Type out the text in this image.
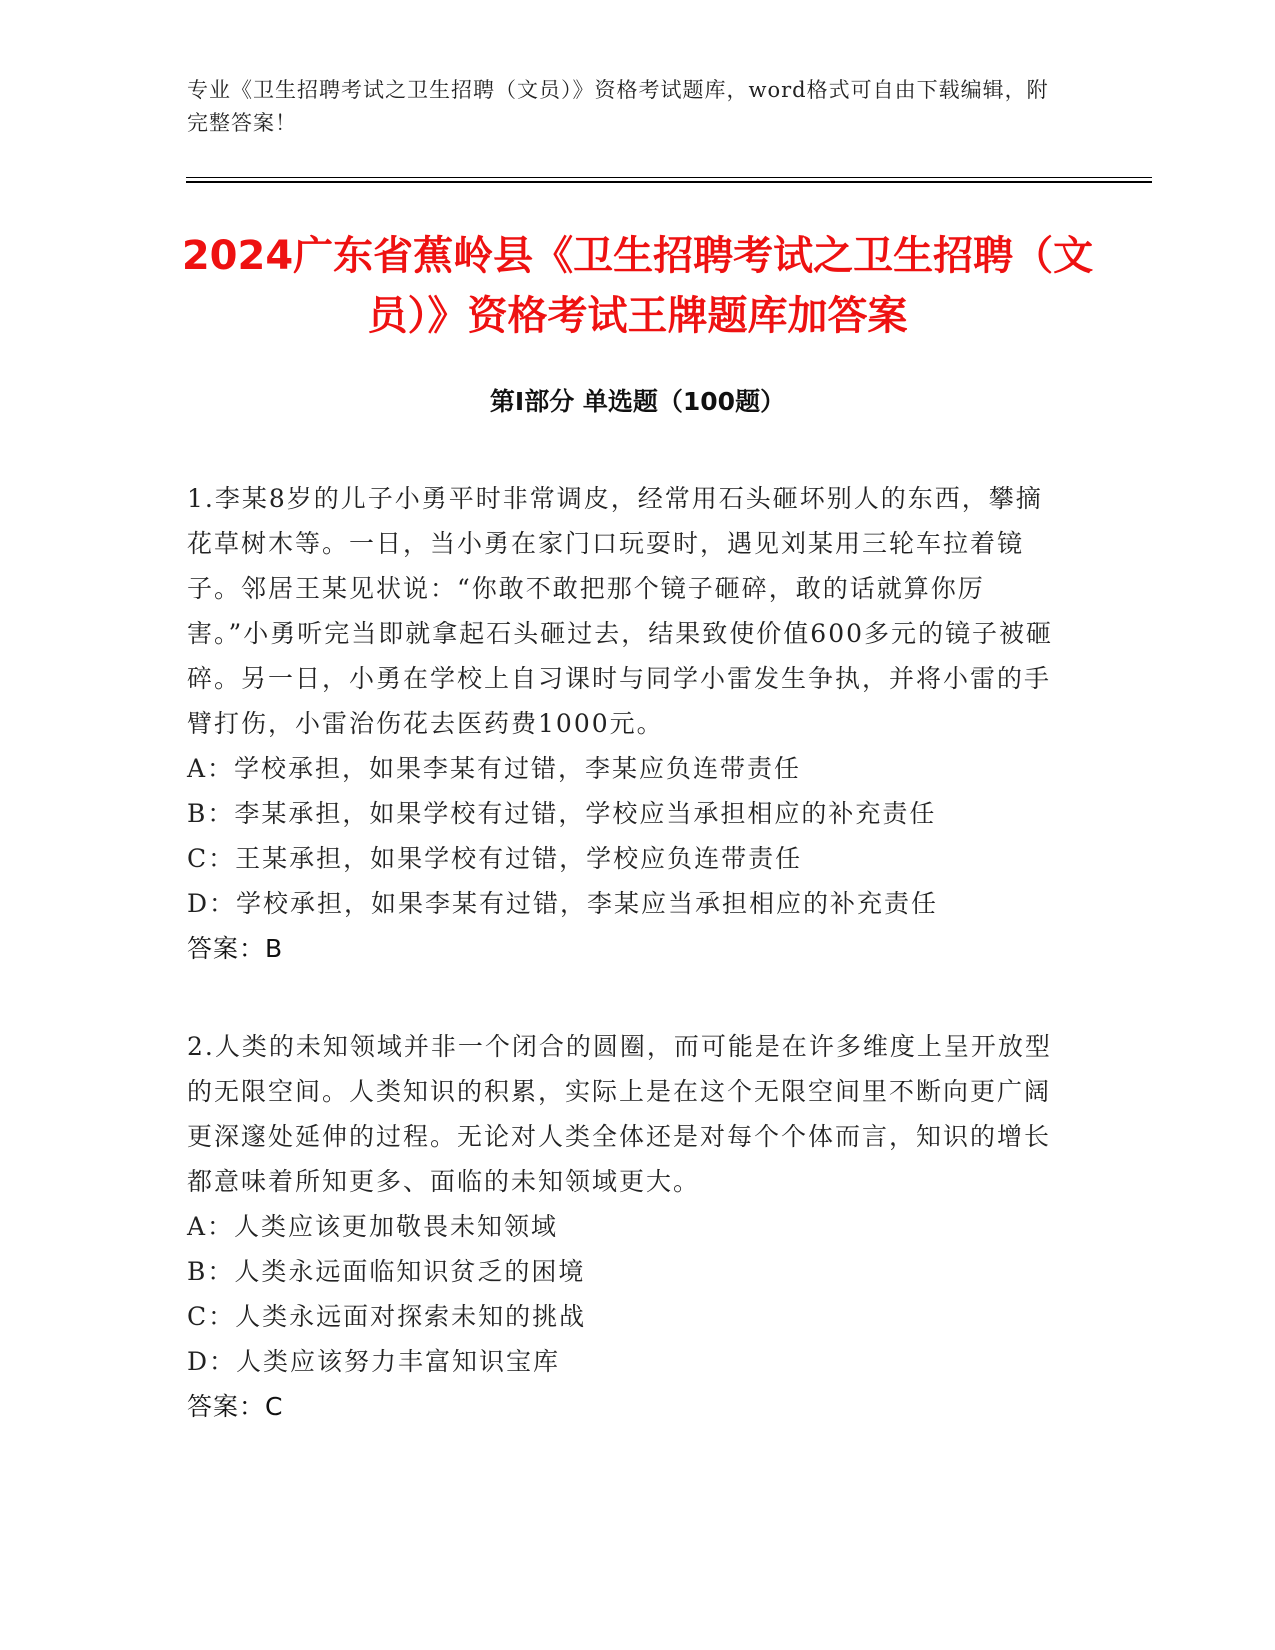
专业《卫生招聘考试之卫生招聘（文员）》资格考试题库，word格式可自由下载编辑，附完整答案！
2024广东省蕉岭县《卫生招聘考试之卫生招聘（文员）》资格考试王牌题库加答案
第Ⅰ部分 单选题（100题）

1.李某8岁的儿子小勇平时非常调皮，经常用石头砸坏别人的东西，攀摘花草树木等。一日，当小勇在家门口玩耍时，遇见刘某用三轮车拉着镜子。邻居王某见状说：“你敢不敢把那个镜子砸碎，敢的话就算你厉害。”小勇听完当即就拿起石头砸过去，结果致使价值600多元的镜子被砸碎。另一日，小勇在学校上自习课时与同学小雷发生争执，并将小雷的手臂打伤，小雷治伤花去医药费1000元。

A：学校承担，如果李某有过错，李某应负连带责任

B：李某承担，如果学校有过错，学校应当承担相应的补充责任

C：王某承担，如果学校有过错，学校应负连带责任

D：学校承担，如果李某有过错，李某应当承担相应的补充责任

答案：B

2.人类的未知领域并非一个闭合的圆圈，而可能是在许多维度上呈开放型的无限空间。人类知识的积累，实际上是在这个无限空间里不断向更广阔更深邃处延伸的过程。无论对人类全体还是对每个个体而言，知识的增长都意味着所知更多、面临的未知领域更大。

A：人类应该更加敬畏未知领域

B：人类永远面临知识贫乏的困境

C：人类永远面对探索未知的挑战

D：人类应该努力丰富知识宝库

答案：C
